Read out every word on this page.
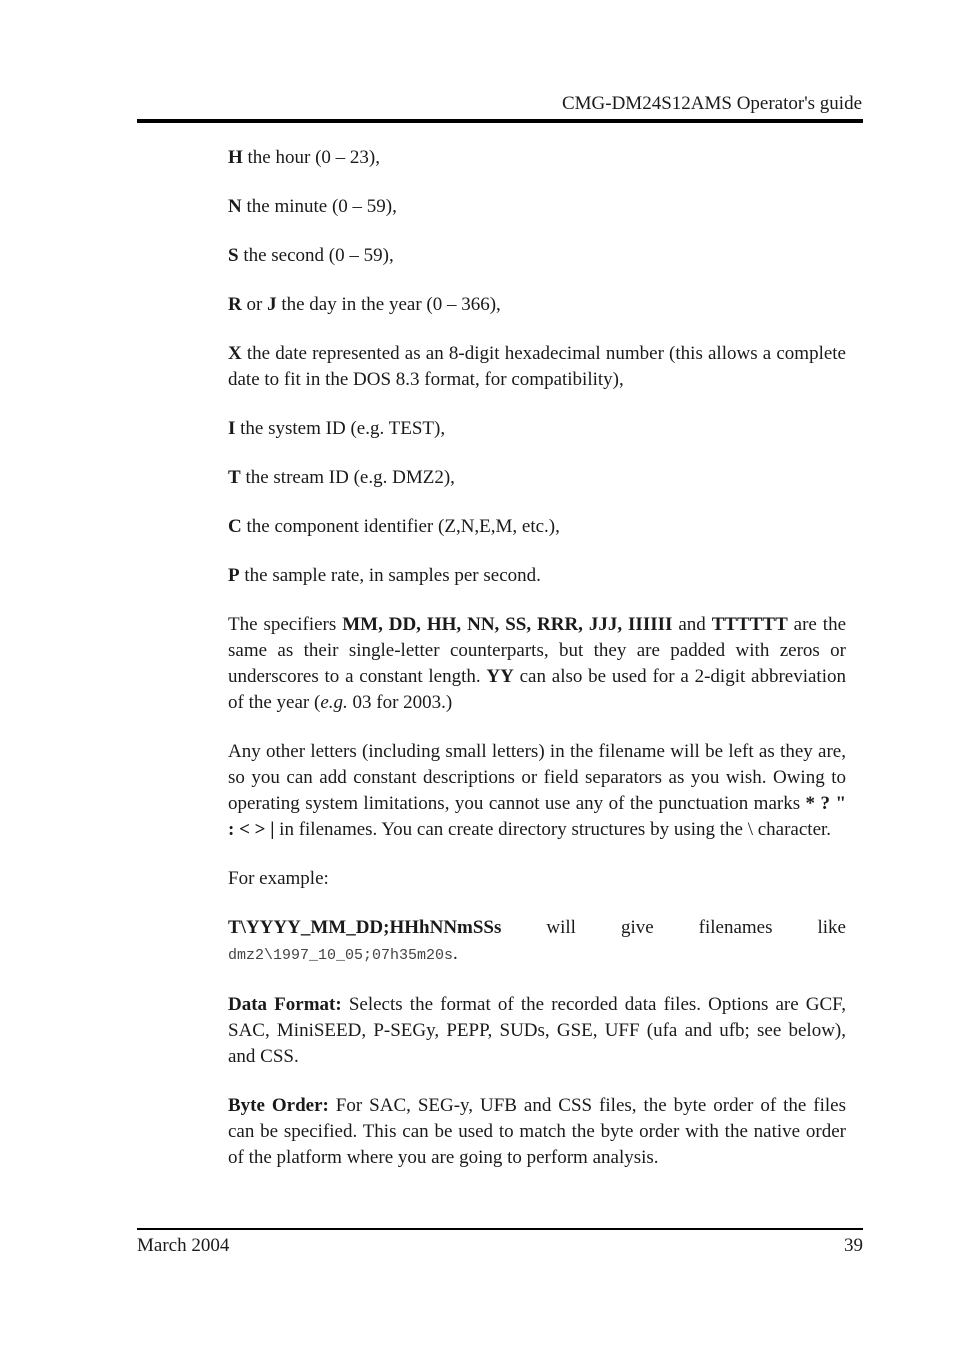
CMG-DM24S12AMS Operator's guide

H the hour (0 – 23),

N the minute (0 – 59),

S the second (0 – 59),

R or J the day in the year (0 – 366),

X the date represented as an 8-digit hexadecimal number (this allows a complete date to fit in the DOS 8.3 format, for compatibility),

I the system ID (e.g. TEST),

T the stream ID (e.g. DMZ2),

C the component identifier (Z,N,E,M, etc.),

P the sample rate, in samples per second.

The specifiers MM, DD, HH, NN, SS, RRR, JJJ, IIIIII and TTTTTT are the same as their single-letter counterparts, but they are padded with zeros or underscores to a constant length. YY can also be used for a 2-digit abbreviation of the year (e.g. 03 for 2003.)

Any other letters (including small letters) in the filename will be left as they are, so you can add constant descriptions or field separators as you wish. Owing to operating system limitations, you cannot use any of the punctuation marks * ? " : < > | in filenames. You can create directory structures by using the \ character.

For example:

T\YYYY_MM_DD;HHhNNmSSs will give filenames like
dmz2\1997_10_05;07h35m20s.

Data Format: Selects the format of the recorded data files. Options are GCF, SAC, MiniSEED, P-SEGy, PEPP, SUDs, GSE, UFF (ufa and ufb; see below), and CSS.

Byte Order: For SAC, SEG-y, UFB and CSS files, the byte order of the files can be specified. This can be used to match the byte order with the native order of the platform where you are going to perform analysis.

March 2004	39
